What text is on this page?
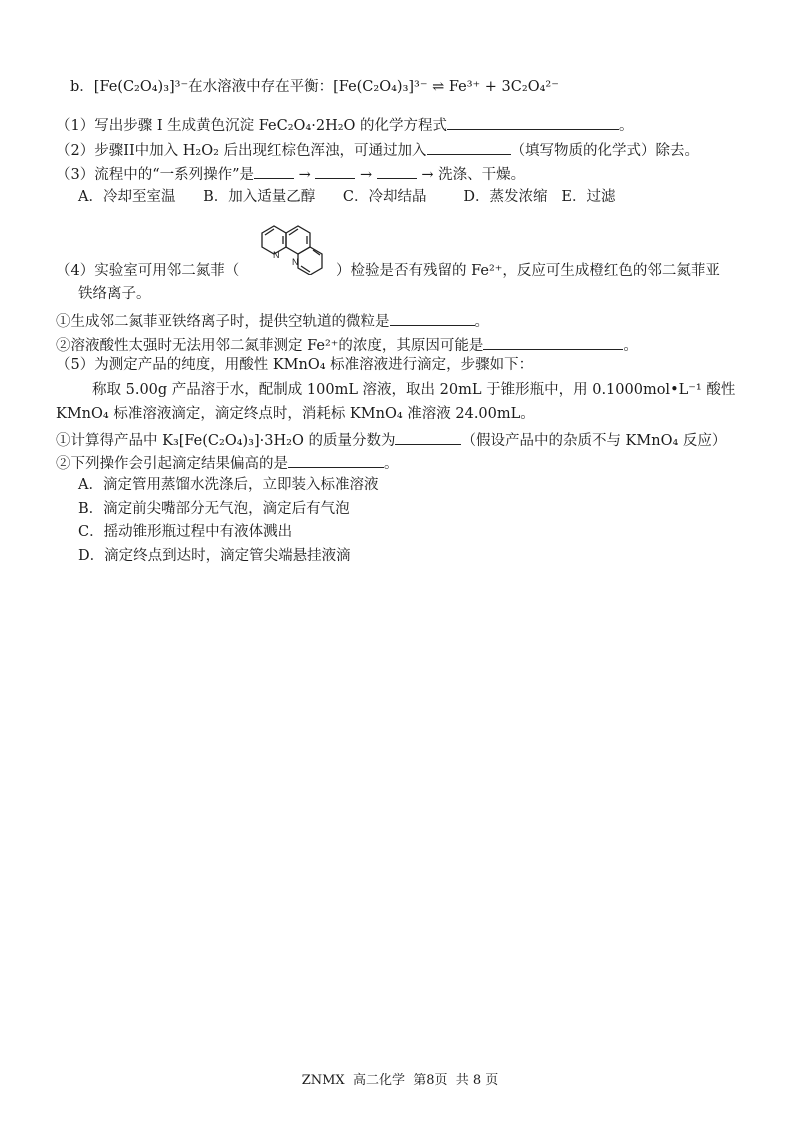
b．[Fe(C₂O₄)₃]³⁻在水溶液中存在平衡：[Fe(C₂O₄)₃]³⁻ ⇌ Fe³⁺ + 3C₂O₄²⁻
（1）写出步骤 I 生成黄色沉淀 FeC₂O₄·2H₂O 的化学方程式	。
（2）步骤II中加入 H₂O₂ 后出现红棕色浑浊，可通过加入	（填写物质的化学式）除去。
（3）流程中的“一系列操作”是	→	→	→ 洗涤、干燥。
A．冷却至室温      B．加入适量乙醇      C．冷却结晶        D．蒸发浓缩   E．过滤
N
N
（4）实验室可用邻二氮菲（	）检验是否有残留的 Fe²⁺，反应可生成橙红色的邻二氮菲亚
铁络离子。
①生成邻二氮菲亚铁络离子时，提供空轨道的微粒是	。
②溶液酸性太强时无法用邻二氮菲测定 Fe²⁺的浓度，其原因可能是	。
（5）为测定产品的纯度，用酸性 KMnO₄ 标准溶液进行滴定，步骤如下：
称取 5.00g 产品溶于水，配制成 100mL 溶液，取出 20mL 于锥形瓶中，用 0.1000mol•L⁻¹ 酸性
KMnO₄ 标准溶液滴定，滴定终点时，消耗标 KMnO₄ 准溶液 24.00mL。
①计算得产品中 K₃[Fe(C₂O₄)₃]·3H₂O 的质量分数为	（假设产品中的杂质不与 KMnO₄ 反应）
②下列操作会引起滴定结果偏高的是	。
A．滴定管用蒸馏水洗涤后，立即装入标准溶液
B．滴定前尖嘴部分无气泡，滴定后有气泡
C．摇动锥形瓶过程中有液体溅出
D．滴定终点到达时，滴定管尖端悬挂液滴
ZNMX  高二化学  第8页  共 8 页
